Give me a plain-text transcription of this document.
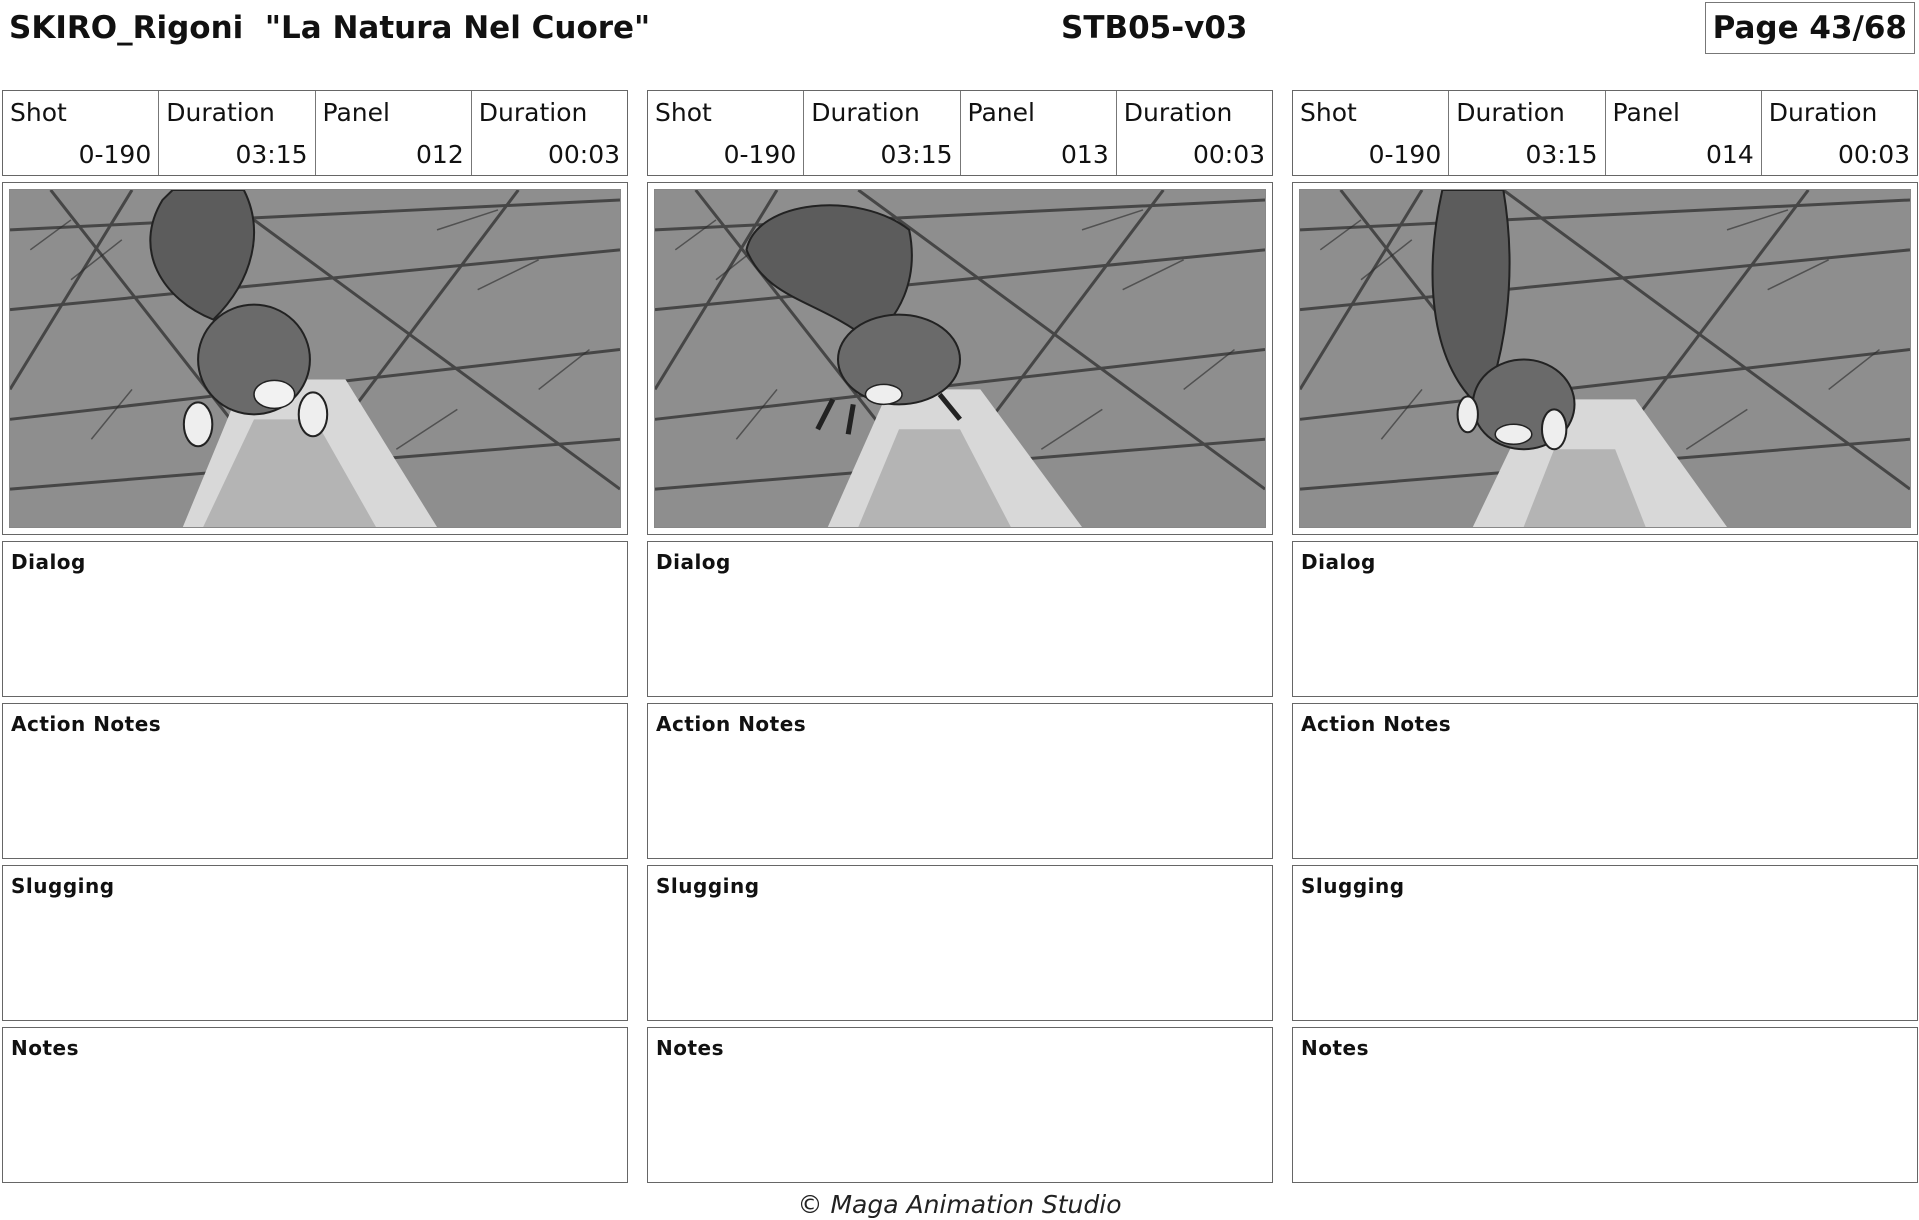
SKIRO_Rigoni  "La Natura Nel Cuore"	STB05-v03	Page 43/68
Shot
0-190
Duration
03:15
Panel
012
Duration
00:03
Dialog
Action Notes
Slugging
Notes
Shot
0-190
Duration
03:15
Panel
013
Duration
00:03
Dialog
Action Notes
Slugging
Notes
Shot
0-190
Duration
03:15
Panel
014
Duration
00:03
Dialog
Action Notes
Slugging
Notes
© Maga Animation Studio
